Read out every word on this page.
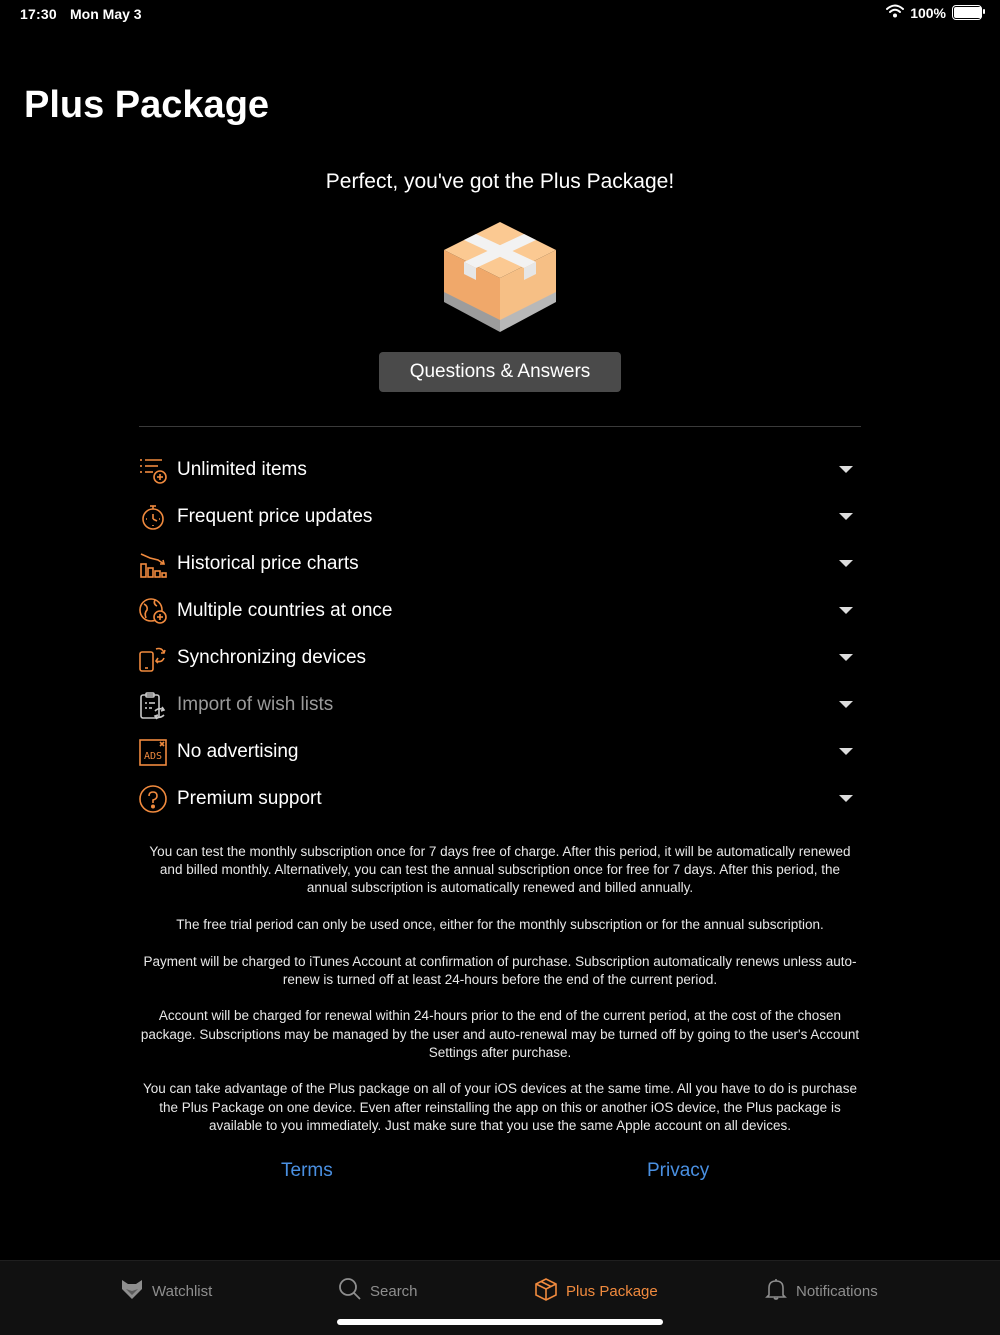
17:30 Mon May 3	100%
Plus Package
Perfect, you've got the Plus Package!
Questions & Answers
Unlimited items
Frequent price updates
Historical price charts
Multiple countries at once
Synchronizing devices
Import of wish lists
ADS No advertising
Premium support

You can test the monthly subscription once for 7 days free of charge. After this period, it will be automatically renewed and billed monthly. Alternatively, you can test the annual subscription once for free for 7 days. After this period, the annual subscription is automatically renewed and billed annually.

The free trial period can only be used once, either for the monthly subscription or for the annual subscription.

Payment will be charged to iTunes Account at confirmation of purchase. Subscription automatically renews unless auto-renew is turned off at least 24-hours before the end of the current period.

Account will be charged for renewal within 24-hours prior to the end of the current period, at the cost of the chosen package. Subscriptions may be managed by the user and auto-renewal may be turned off by going to the user's Account Settings after purchase.

You can take advantage of the Plus package on all of your iOS devices at the same time. All you have to do is purchase the Plus Package on one device. Even after reinstalling the app on this or another iOS device, the Plus package is available to you immediately. Just make sure that you use the same Apple account on all devices.

Terms	Privacy
Watchlist	Search	Plus Package	Notifications
